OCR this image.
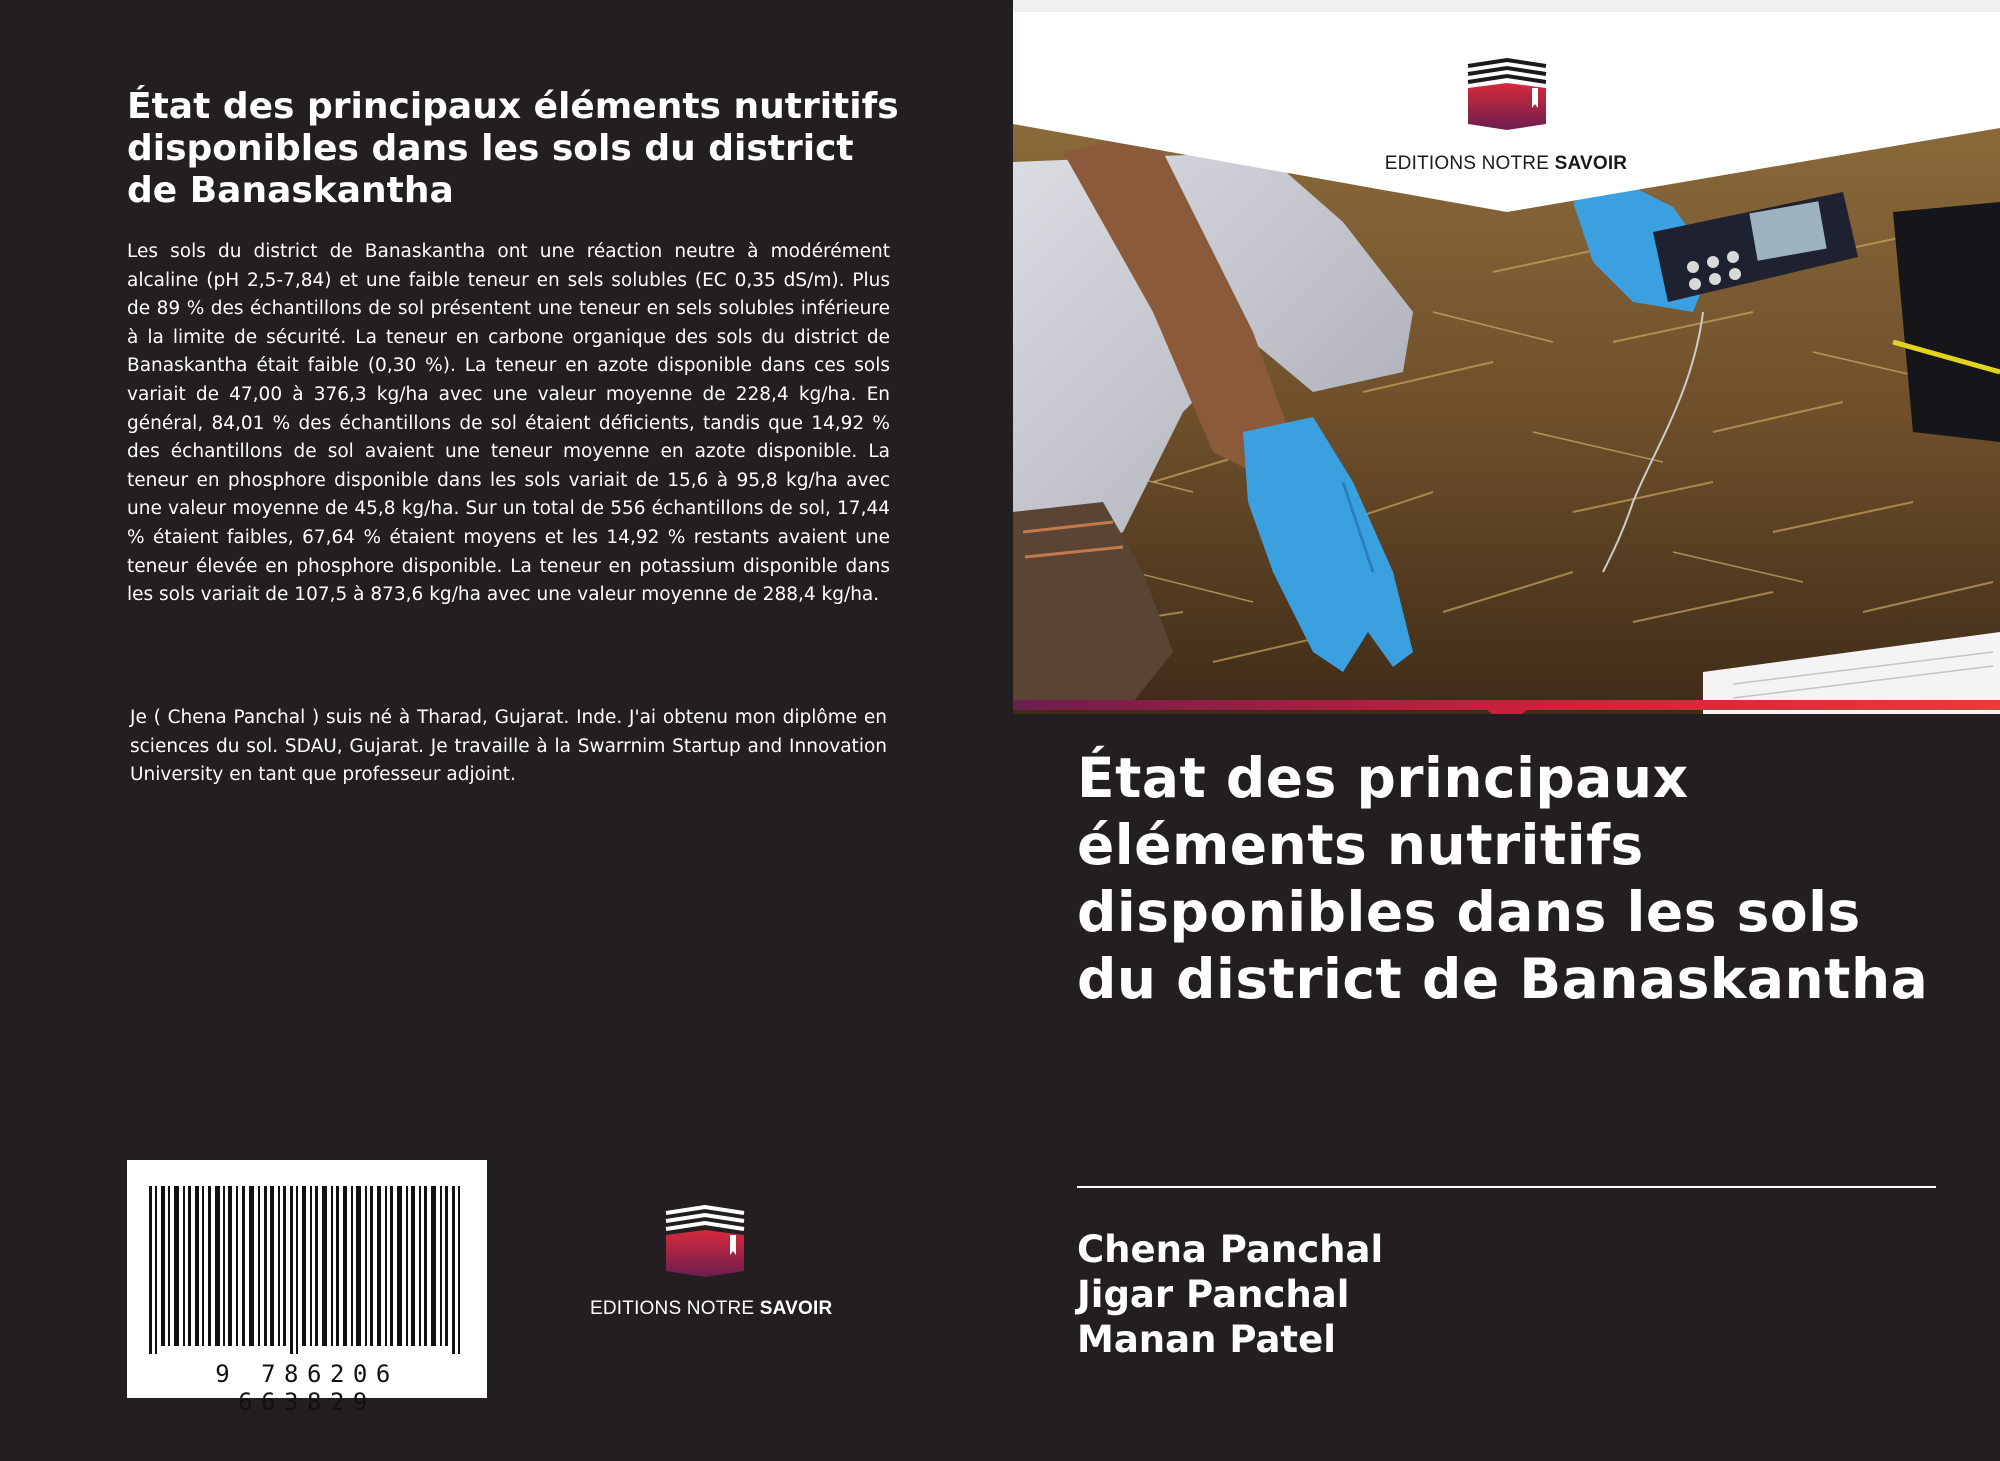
État des principaux éléments nutritifs disponibles dans les sols du district de Banaskantha

Les sols du district de Banaskantha ont une réaction neutre à modérément alcaline (pH 2,5-7,84) et une faible teneur en sels solubles (EC 0,35 dS/m). Plus de 89 % des échantillons de sol présentent une teneur en sels solubles inférieure à la limite de sécurité. La teneur en carbone organique des sols du district de Banaskantha était faible (0,30 %). La teneur en azote disponible dans ces sols variait de 47,00 à 376,3 kg/ha avec une valeur moyenne de 228,4 kg/ha. En général, 84,01 % des échantillons de sol étaient déficients, tandis que 14,92 % des échantillons de sol avaient une teneur moyenne en azote disponible. La teneur en phosphore disponible dans les sols variait de 15,6 à 95,8 kg/ha avec une valeur moyenne de 45,8 kg/ha. Sur un total de 556 échantillons de sol, 17,44 % étaient faibles, 67,64 % étaient moyens et les 14,92 % restants avaient une teneur élevée en phosphore disponible. La teneur en potassium disponible dans les sols variait de 107,5 à 873,6 kg/ha avec une valeur moyenne de 288,4 kg/ha.

Je ( Chena Panchal ) suis né à Tharad, Gujarat. Inde. J'ai obtenu mon diplôme en sciences du sol. SDAU, Gujarat. Je travaille à la Swarrnim Startup and Innovation University en tant que professeur adjoint.

9 786206 663829
EDITIONS NOTRE SAVOIR
EDITIONS NOTRE SAVOIR
État des principaux éléments nutritifs disponibles dans les sols du district de Banaskantha
Chena Panchal
Jigar Panchal
Manan Patel
